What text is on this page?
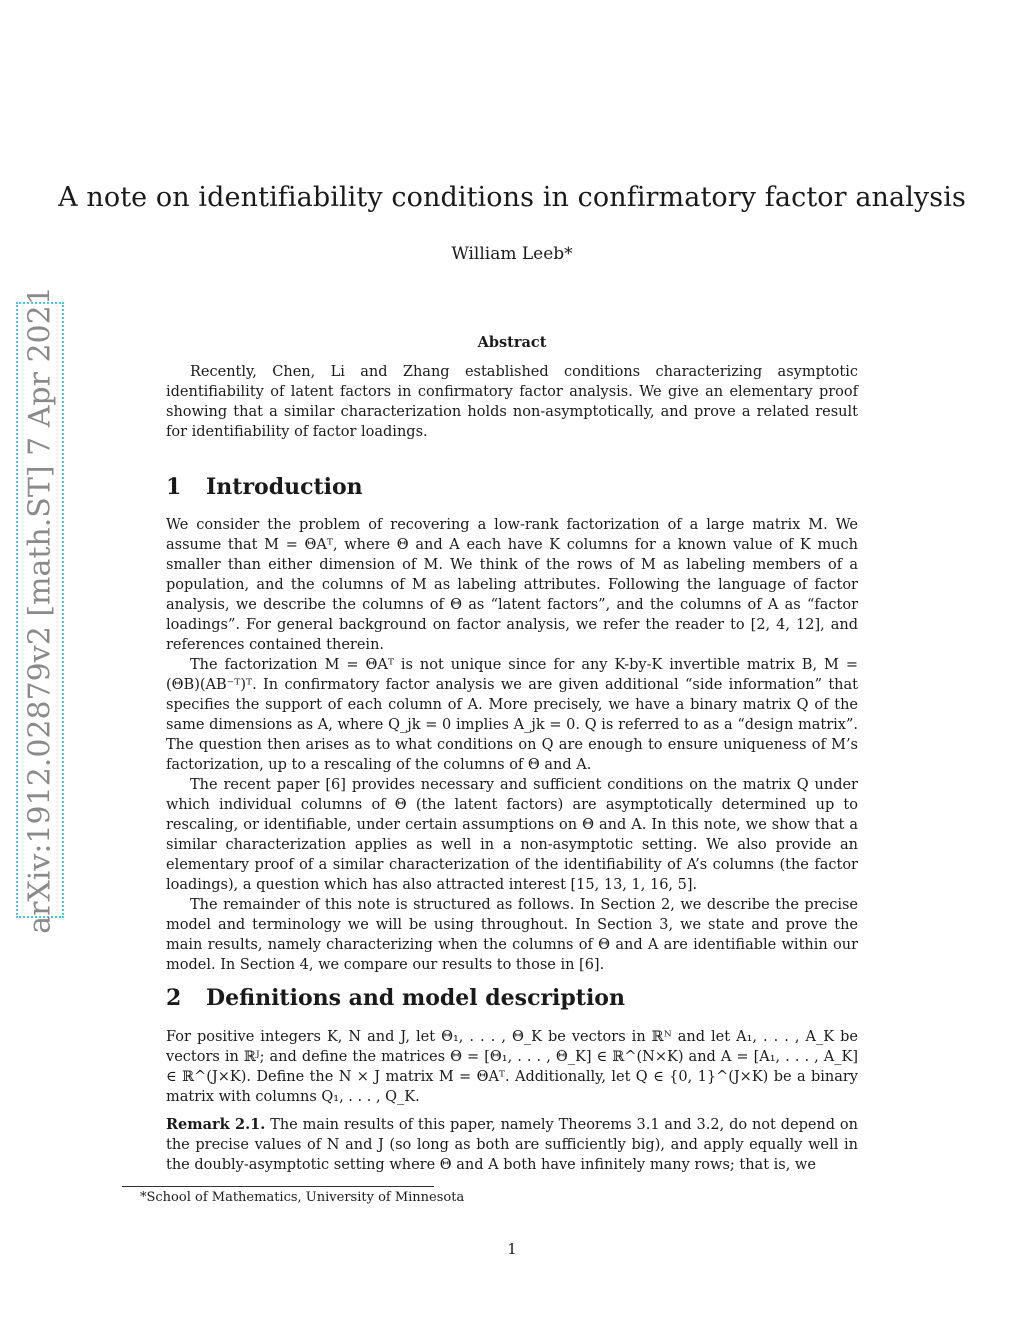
arXiv:1912.02879v2 [math.ST] 7 Apr 2021
A note on identifiability conditions in confirmatory factor analysis
William Leeb*
Abstract
Recently, Chen, Li and Zhang established conditions characterizing asymptotic identifiability of latent factors in confirmatory factor analysis. We give an elementary proof showing that a similar characterization holds non-asymptotically, and prove a related result for identifiability of factor loadings.
1 Introduction

We consider the problem of recovering a low-rank factorization of a large matrix M. We assume that M = ΘAᵀ, where Θ and A each have K columns for a known value of K much smaller than either dimension of M. We think of the rows of M as labeling members of a population, and the columns of M as labeling attributes. Following the language of factor analysis, we describe the columns of Θ as “latent factors”, and the columns of A as “factor loadings”. For general background on factor analysis, we refer the reader to [2, 4, 12], and references contained therein.

The factorization M = ΘAᵀ is not unique since for any K-by-K invertible matrix B, M = (ΘB)(AB⁻ᵀ)ᵀ. In confirmatory factor analysis we are given additional “side information” that specifies the support of each column of A. More precisely, we have a binary matrix Q of the same dimensions as A, where Q_jk = 0 implies A_jk = 0. Q is referred to as a “design matrix”. The question then arises as to what conditions on Q are enough to ensure uniqueness of M’s factorization, up to a rescaling of the columns of Θ and A.

The recent paper [6] provides necessary and sufficient conditions on the matrix Q under which individual columns of Θ (the latent factors) are asymptotically determined up to rescaling, or identifiable, under certain assumptions on Θ and A. In this note, we show that a similar characterization applies as well in a non-asymptotic setting. We also provide an elementary proof of a similar characterization of the identifiability of A’s columns (the factor loadings), a question which has also attracted interest [15, 13, 1, 16, 5].

The remainder of this note is structured as follows. In Section 2, we describe the precise model and terminology we will be using throughout. In Section 3, we state and prove the main results, namely characterizing when the columns of Θ and A are identifiable within our model. In Section 4, we compare our results to those in [6].

2 Definitions and model description

For positive integers K, N and J, let Θ₁, . . . , Θ_K be vectors in ℝᴺ and let A₁, . . . , A_K be vectors in ℝᴶ; and define the matrices Θ = [Θ₁, . . . , Θ_K] ∈ ℝ^(N×K) and A = [A₁, . . . , A_K] ∈ ℝ^(J×K). Define the N × J matrix M = ΘAᵀ. Additionally, let Q ∈ {0, 1}^(J×K) be a binary matrix with columns Q₁, . . . , Q_K.

Remark 2.1. The main results of this paper, namely Theorems 3.1 and 3.2, do not depend on the precise values of N and J (so long as both are sufficiently big), and apply equally well in the doubly-asymptotic setting where Θ and A both have infinitely many rows; that is, we

*School of Mathematics, University of Minnesota
1
